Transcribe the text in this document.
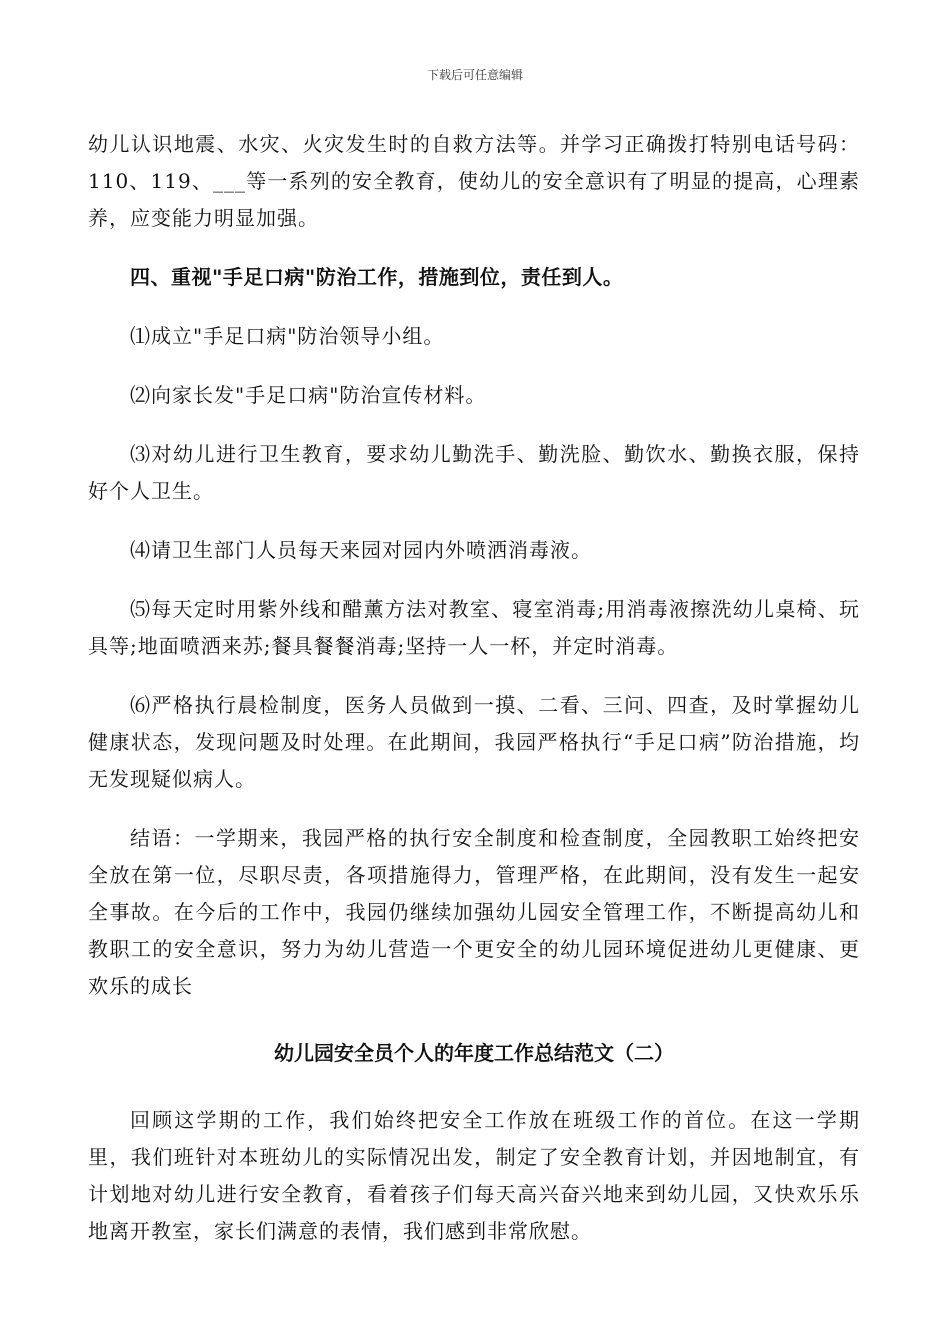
下载后可任意编辑

幼儿认识地震、水灾、火灾发生时的自救方法等。并学习正确拨打特别电话号码：110、119、___等一系列的安全教育，使幼儿的安全意识有了明显的提高，心理素养，应变能力明显加强。

四、重视"手足口病"防治工作，措施到位，责任到人。

⑴成立"手足口病"防治领导小组。

⑵向家长发"手足口病"防治宣传材料。

⑶对幼儿进行卫生教育，要求幼儿勤洗手、勤洗脸、勤饮水、勤换衣服，保持好个人卫生。

⑷请卫生部门人员每天来园对园内外喷洒消毒液。

⑸每天定时用紫外线和醋薰方法对教室、寝室消毒;用消毒液擦洗幼儿桌椅、玩具等;地面喷洒来苏;餐具餐餐消毒;坚持一人一杯，并定时消毒。

⑹严格执行晨检制度，医务人员做到一摸、二看、三问、四查，及时掌握幼儿健康状态，发现问题及时处理。在此期间，我园严格执行“手足口病”防治措施，均无发现疑似病人。

结语：一学期来，我园严格的执行安全制度和检查制度，全园教职工始终把安全放在第一位，尽职尽责，各项措施得力，管理严格，在此期间，没有发生一起安全事故。在今后的工作中，我园仍继续加强幼儿园安全管理工作，不断提高幼儿和教职工的安全意识，努力为幼儿营造一个更安全的幼儿园环境促进幼儿更健康、更欢乐的成长

幼儿园安全员个人的年度工作总结范文（二）

回顾这学期的工作，我们始终把安全工作放在班级工作的首位。在这一学期里，我们班针对本班幼儿的实际情况出发，制定了安全教育计划，并因地制宜，有计划地对幼儿进行安全教育，看着孩子们每天高兴奋兴地来到幼儿园，又快欢乐乐地离开教室，家长们满意的表情，我们感到非常欣慰。
